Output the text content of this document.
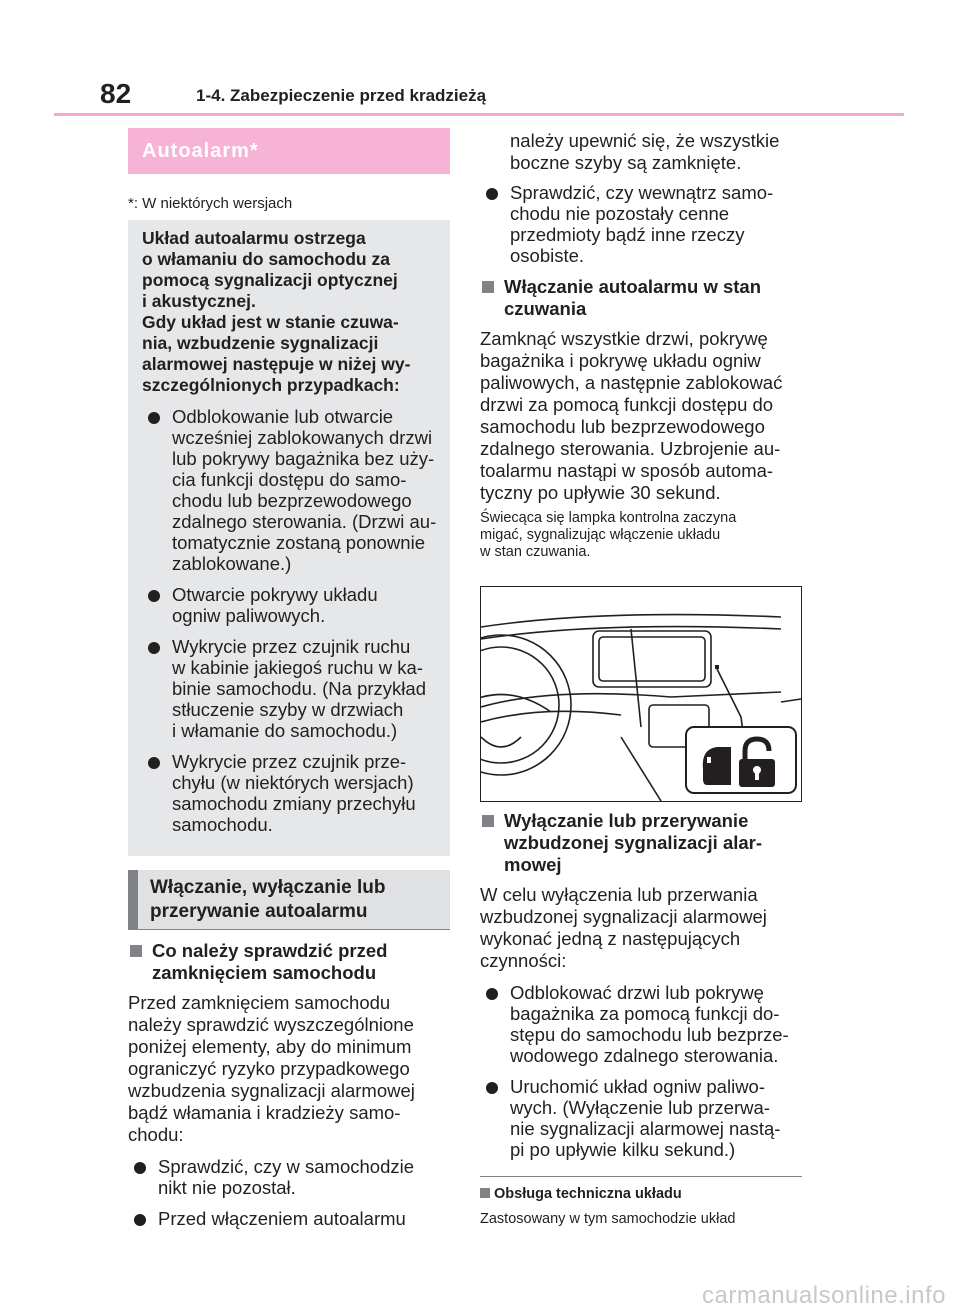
82	1-4. Zabezpieczenie przed kradzieżą
Autoalarm*
*: W niektórych wersjach
Układ autoalarmu ostrzega
o włamaniu do samochodu za
pomocą sygnalizacji optycznej
i akustycznej.
Gdy układ jest w stanie czuwa-
nia, wzbudzenie sygnalizacji
alarmowej następuje w niżej wy-
szczególnionych przypadkach:
Odblokowanie lub otwarcie
wcześniej zablokowanych drzwi
lub pokrywy bagażnika bez uży-
cia funkcji dostępu do samo-
chodu lub bezprzewodowego
zdalnego sterowania. (Drzwi au-
tomatycznie zostaną ponownie
zablokowane.)
Otwarcie pokrywy układu
ogniw paliwowych.
Wykrycie przez czujnik ruchu
w kabinie jakiegoś ruchu w ka-
binie samochodu. (Na przykład
stłuczenie szyby w drzwiach
i włamanie do samochodu.)
Wykrycie przez czujnik prze-
chyłu (w niektórych wersjach)
samochodu zmiany przechyłu
samochodu.
Włączanie, wyłączanie lub
przerywanie autoalarmu
Co należy sprawdzić przed
zamknięciem samochodu
Przed zamknięciem samochodu
należy sprawdzić wyszczególnione
poniżej elementy, aby do minimum
ograniczyć ryzyko przypadkowego
wzbudzenia sygnalizacji alarmowej
bądź włamania i kradzieży samo-
chodu:
Sprawdzić, czy w samochodzie
nikt nie pozostał.
Przed włączeniem autoalarmu
należy upewnić się, że wszystkie
boczne szyby są zamknięte.
Sprawdzić, czy wewnątrz samo-
chodu nie pozostały cenne
przedmioty bądź inne rzeczy
osobiste.
Włączanie autoalarmu w stan
czuwania
Zamknąć wszystkie drzwi, pokrywę
bagażnika i pokrywę układu ogniw
paliwowych, a następnie zablokować
drzwi za pomocą funkcji dostępu do
samochodu lub bezprzewodowego
zdalnego sterowania. Uzbrojenie au-
toalarmu nastąpi w sposób automa-
tyczny po upływie 30 sekund.
Świecąca się lampka kontrolna zaczyna
migać, sygnalizując włączenie układu
w stan czuwania.
Wyłączanie lub przerywanie
wzbudzonej sygnalizacji alar-
mowej
W celu wyłączenia lub przerwania
wzbudzonej sygnalizacji alarmowej
wykonać jedną z następujących
czynności:
Odblokować drzwi lub pokrywę
bagażnika za pomocą funkcji do-
stępu do samochodu lub bezprze-
wodowego zdalnego sterowania.
Uruchomić układ ogniw paliwo-
wych. (Wyłączenie lub przerwa-
nie sygnalizacji alarmowej nastą-
pi po upływie kilku sekund.)
Obsługa techniczna układu
Zastosowany w tym samochodzie układ
carmanualsonline.info
